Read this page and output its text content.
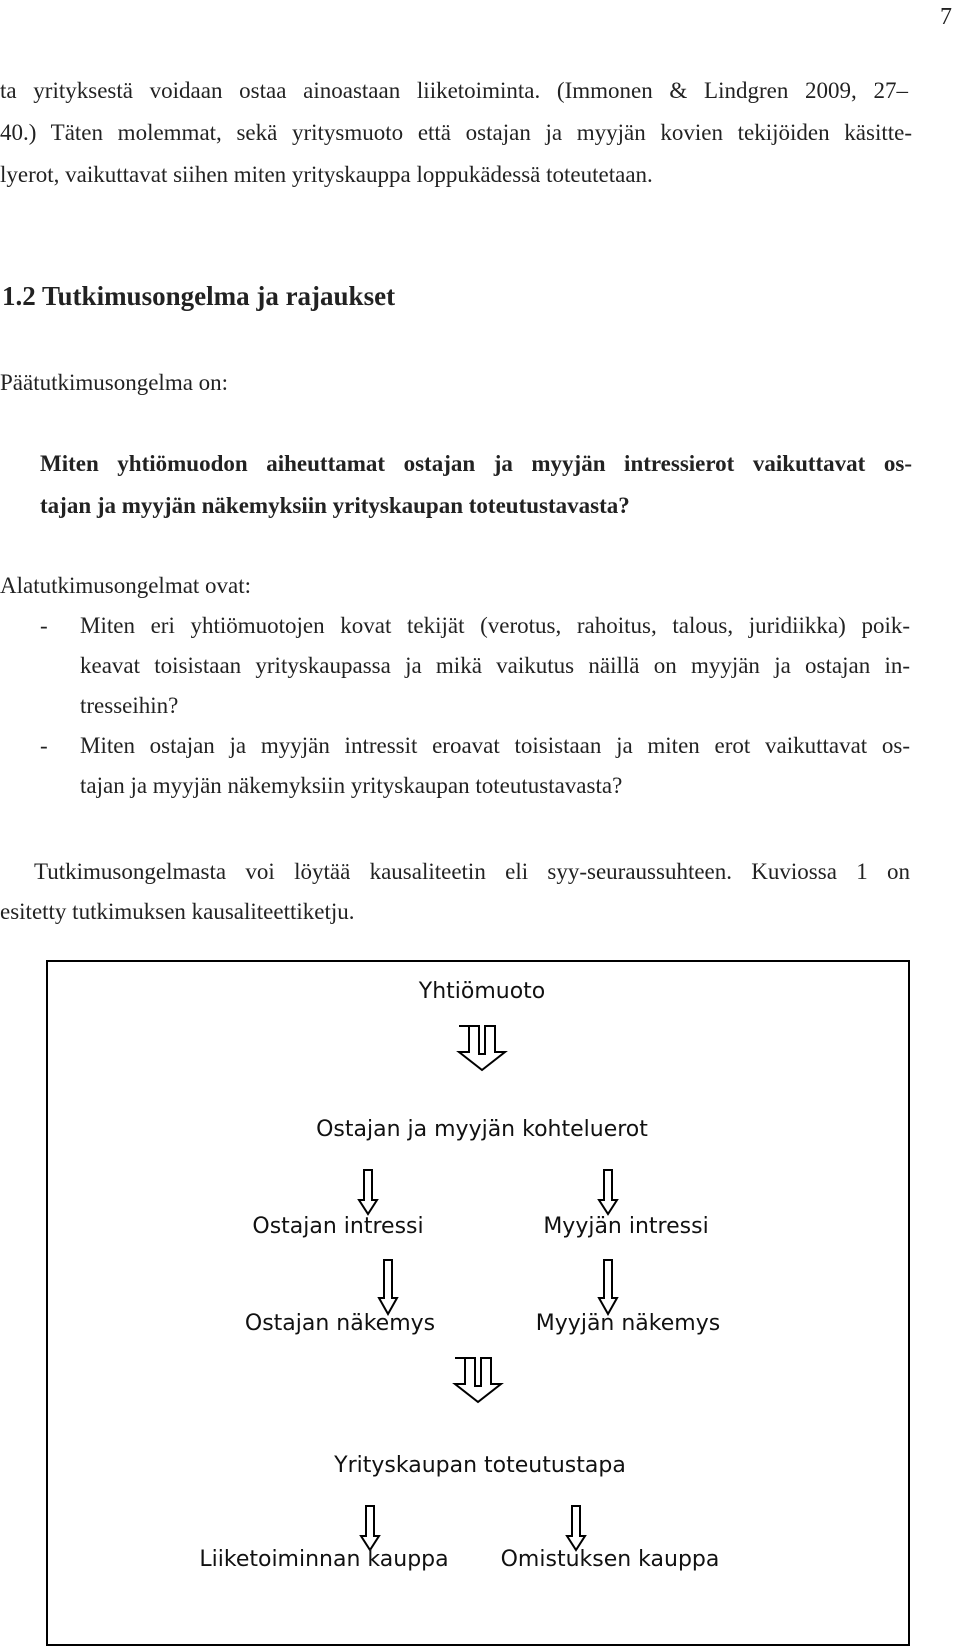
7
ta yrityksestä voidaan ostaa ainoastaan liiketoiminta. (Immonen & Lindgren 2009, 27–
40.) Täten molemmat, sekä yritysmuoto että ostajan ja myyjän kovien tekijöiden käsitte-
lyerot, vaikuttavat siihen miten yrityskauppa loppukädessä toteutetaan.
1.2 Tutkimusongelma ja rajaukset
Päätutkimusongelma on:
Miten yhtiömuodon aiheuttamat ostajan ja myyjän intressierot vaikuttavat os-
tajan ja myyjän näkemyksiin yrityskaupan toteutustavasta?
Alatutkimusongelmat ovat:
- Miten eri yhtiömuotojen kovat tekijät (verotus, rahoitus, talous, juridiikka) poik-
keavat toisistaan yrityskaupassa ja mikä vaikutus näillä on myyjän ja ostajan in-
tresseihin?
- Miten ostajan ja myyjän intressit eroavat toisistaan ja miten erot vaikuttavat os-
tajan ja myyjän näkemyksiin yrityskaupan toteutustavasta?
Tutkimusongelmasta voi löytää kausaliteetin eli syy-seuraussuhteen. Kuviossa 1 on
esitetty tutkimuksen kausaliteettiketju.
Yhtiömuoto
Ostajan ja myyjän kohteluerot
Ostajan intressi	Myyjän intressi
Ostajan näkemys	Myyjän näkemys
Yrityskaupan toteutustapa
Liiketoiminnan kauppa Omistuksen kauppa
